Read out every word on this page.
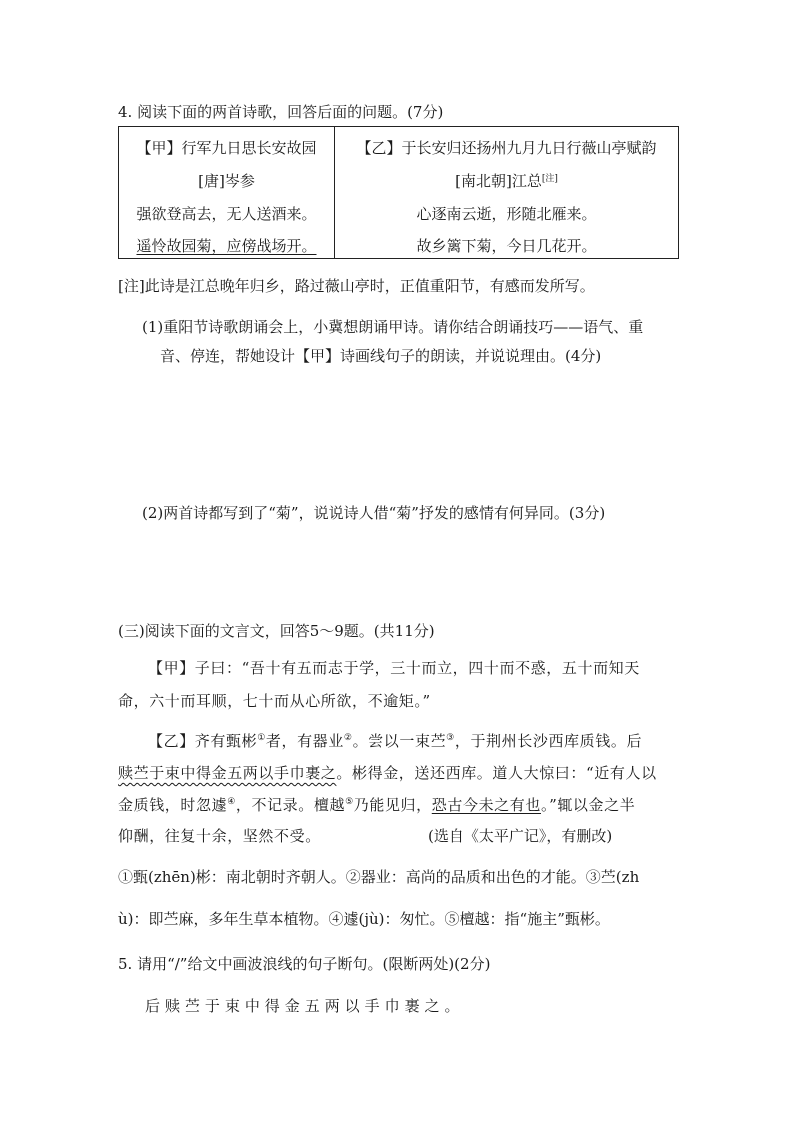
4. 阅读下面的两首诗歌，回答后面的问题。(7分)
【甲】行军九日思长安故园
[唐]岑参
强欲登高去，无人送酒来。
遥怜故园菊，应傍战场开。
【乙】于长安归还扬州九月九日行薇山亭赋韵
[南北朝]江总[注]
心逐南云逝，形随北雁来。
故乡篱下菊，今日几花开。
[注]此诗是江总晚年归乡，路过薇山亭时，正值重阳节，有感而发所写。
(1)重阳节诗歌朗诵会上，小冀想朗诵甲诗。请你结合朗诵技巧——语气、重
音、停连，帮她设计【甲】诗画线句子的朗读，并说说理由。(4分)
(2)两首诗都写到了“菊”，说说诗人借“菊”抒发的感情有何异同。(3分)
(三)阅读下面的文言文，回答5～9题。(共11分)
【甲】子曰：“吾十有五而志于学，三十而立，四十而不惑，五十而知天
命，六十而耳顺，七十而从心所欲，不逾矩。”
【乙】齐有甄彬①者，有器业②。尝以一束苎③，于荆州长沙西库质钱。后
赎苎于束中得金五两以手巾裹之。彬得金，送还西库。道人大惊曰：“近有人以
金质钱，时忽遽④，不记录。檀越⑤乃能见归，恐古今未之有也。”辄以金之半
仰酬，往复十余，坚然不受。	(选自《太平广记》，有删改)
①甄(zhēn)彬：南北朝时齐朝人。②器业：高尚的品质和出色的才能。③苎(zh
ù)：即苎麻，多年生草本植物。④遽(jù)：匆忙。⑤檀越：指“施主”甄彬。
5. 请用“/”给文中画波浪线的句子断句。(限断两处)(2分)
后 赎 苎 于 束 中 得 金 五 两 以 手 巾 裹 之 。
